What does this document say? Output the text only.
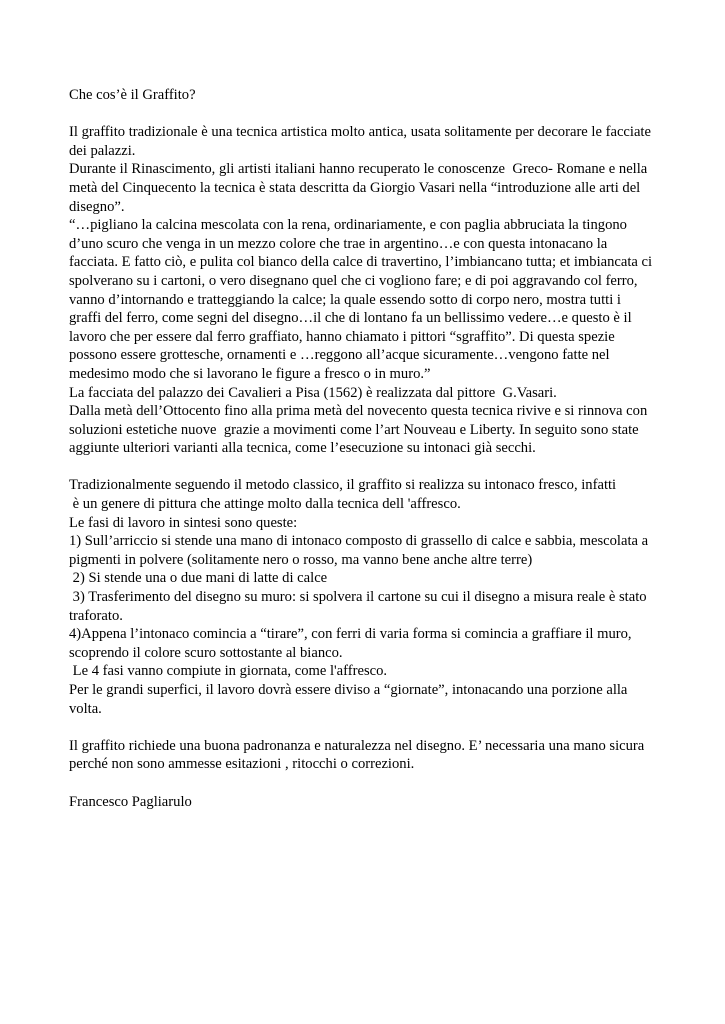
Che cos’è il Graffito?
Il graffito tradizionale è una tecnica artistica molto antica, usata solitamente per decorare le facciate
dei palazzi.
Durante il Rinascimento, gli artisti italiani hanno recuperato le conoscenze  Greco- Romane e nella
metà del Cinquecento la tecnica è stata descritta da Giorgio Vasari nella “introduzione alle arti del
disegno”.
“…pigliano la calcina mescolata con la rena, ordinariamente, e con paglia abbruciata la tingono
d’uno scuro che venga in un mezzo colore che trae in argentino…e con questa intonacano la
facciata. E fatto ciò, e pulita col bianco della calce di travertino, l’imbiancano tutta; et imbiancata ci
spolverano su i cartoni, o vero disegnano quel che ci vogliono fare; e di poi aggravando col ferro,
vanno d’intornando e tratteggiando la calce; la quale essendo sotto di corpo nero, mostra tutti i
graffi del ferro, come segni del disegno…il che di lontano fa un bellissimo vedere…e questo è il
lavoro che per essere dal ferro graffiato, hanno chiamato i pittori “sgraffito”. Di questa spezie
possono essere grottesche, ornamenti e …reggono all’acque sicuramente…vengono fatte nel
medesimo modo che si lavorano le figure a fresco o in muro.”
La facciata del palazzo dei Cavalieri a Pisa (1562) è realizzata dal pittore  G.Vasari.
Dalla metà dell’Ottocento fino alla prima metà del novecento questa tecnica rivive e si rinnova con
soluzioni estetiche nuove  grazie a movimenti come l’art Nouveau e Liberty. In seguito sono state
aggiunte ulteriori varianti alla tecnica, come l’esecuzione su intonaci già secchi.
Tradizionalmente seguendo il metodo classico, il graffito si realizza su intonaco fresco, infatti
è un genere di pittura che attinge molto dalla tecnica dell 'affresco.
Le fasi di lavoro in sintesi sono queste:
1) Sull’arriccio si stende una mano di intonaco composto di grassello di calce e sabbia, mescolata a
pigmenti in polvere (solitamente nero o rosso, ma vanno bene anche altre terre)
2) Si stende una o due mani di latte di calce
3) Trasferimento del disegno su muro: si spolvera il cartone su cui il disegno a misura reale è stato
traforato.
4)Appena l’intonaco comincia a “tirare”, con ferri di varia forma si comincia a graffiare il muro,
scoprendo il colore scuro sottostante al bianco.
Le 4 fasi vanno compiute in giornata, come l'affresco.
Per le grandi superfici, il lavoro dovrà essere diviso a “giornate”, intonacando una porzione alla
volta.
Il graffito richiede una buona padronanza e naturalezza nel disegno. E’ necessaria una mano sicura
perché non sono ammesse esitazioni , ritocchi o correzioni.
Francesco Pagliarulo
